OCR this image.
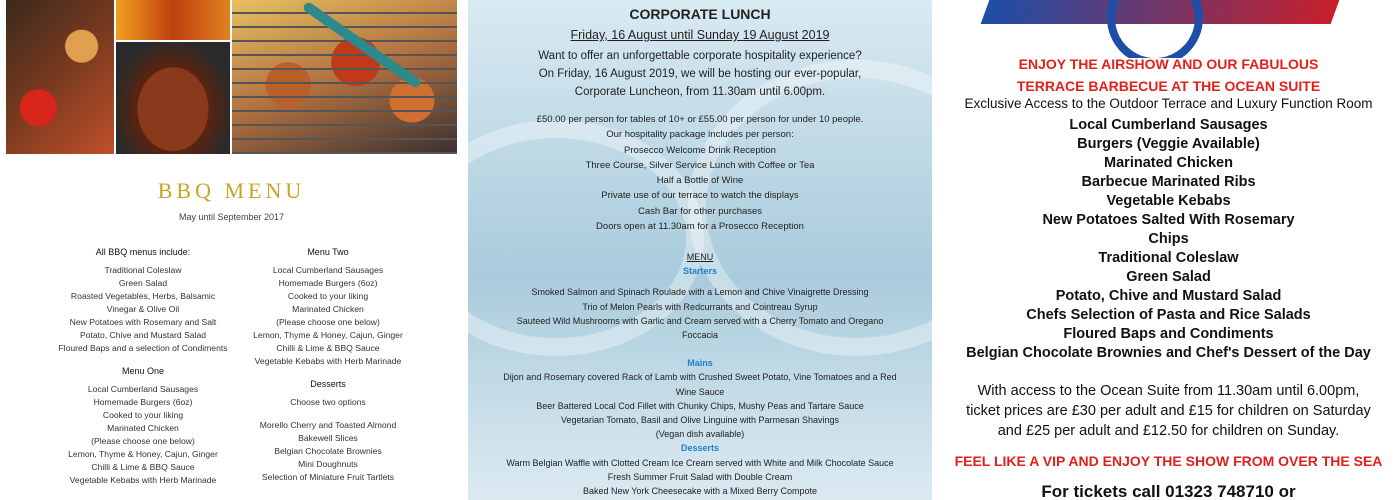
BBQ MENU
May until September 2017
All BBQ menus include:
Traditional Coleslaw
Green Salad
Roasted Vegetables, Herbs, Balsamic
Vinegar & Olive Oil
New Potatoes with Rosemary and Salt
Potato, Chive and Mustard Salad
Floured Baps and a selection of Condiments
Menu One
Local Cumberland Sausages
Homemade Burgers (6oz)
Cooked to your liking
Marinated Chicken
(Please choose one below)
Lemon, Thyme & Honey, Cajun, Ginger
Chilli & Lime & BBQ Sauce
Vegetable Kebabs with Herb Marinade
Menu Two
Local Cumberland Sausages
Homemade Burgers (6oz)
Cooked to your liking
Marinated Chicken
(Please choose one below)
Lemon, Thyme & Honey, Cajun, Ginger
Chilli & Lime & BBQ Sauce
Vegetable Kebabs with Herb Marinade
Desserts
Choose two options
Morello Cherry and Toasted Almond
Bakewell Slices
Belgian Chocolate Brownies
Mini Doughnuts
Selection of Miniature Fruit Tartlets
CORPORATE LUNCH
Friday, 16 August until Sunday 19 August 2019
Want to offer an unforgettable corporate hospitality experience?
On Friday, 16 August 2019, we will be hosting our ever-popular,
Corporate Luncheon, from 11.30am until 6.00pm.
£50.00 per person for tables of 10+ or £55.00 per person for under 10 people.
Our hospitality package includes per person:
Prosecco Welcome Drink Reception
Three Course, Silver Service Lunch with Coffee or Tea
Half a Bottle of Wine
Private use of our terrace to watch the displays
Cash Bar for other purchases
Doors open at 11.30am for a Prosecco Reception
MENU
Starters
Smoked Salmon and Spinach Roulade with a Lemon and Chive Vinaigrette Dressing
Trio of Melon Pearls with Redcurrants and Cointreau Syrup
Sauteed Wild Mushrooms with Garlic and Cream served with a Cherry Tomato and Oregano
Foccacia
Mains
Dijon and Rosemary covered Rack of Lamb with Crushed Sweet Potato, Vine Tomatoes and a Red
Wine Sauce
Beer Battered Local Cod Fillet with Chunky Chips, Mushy Peas and Tartare Sauce
Vegetarian Tomato, Basil and Olive Linguine with Parmesan Shavings
(Vegan dish available)
Desserts
Warm Belgian Waffle with Clotted Cream Ice Cream served with White and Milk Chocolate Sauce
Fresh Summer Fruit Salad with Double Cream
Baked New York Cheesecake with a Mixed Berry Compote
ENJOY THE AIRSHOW AND OUR FABULOUS
TERRACE BARBECUE AT THE OCEAN SUITE
Exclusive Access to the Outdoor Terrace and Luxury Function Room
Local Cumberland Sausages
Burgers (Veggie Available)
Marinated Chicken
Barbecue Marinated Ribs
Vegetable Kebabs
New Potatoes Salted With Rosemary
Chips
Traditional Coleslaw
Green Salad
Potato, Chive and Mustard Salad
Chefs Selection of Pasta and Rice Salads
Floured Baps and Condiments
Belgian Chocolate Brownies and Chef's Dessert of the Day
With access to the Ocean Suite from 11.30am until 6.00pm,
ticket prices are £30 per adult and £15 for children on Saturday
and £25 per adult and £12.50 for children on Sunday.
FEEL LIKE A VIP AND ENJOY THE SHOW FROM OVER THE SEA
For tickets call 01323 748710 or
